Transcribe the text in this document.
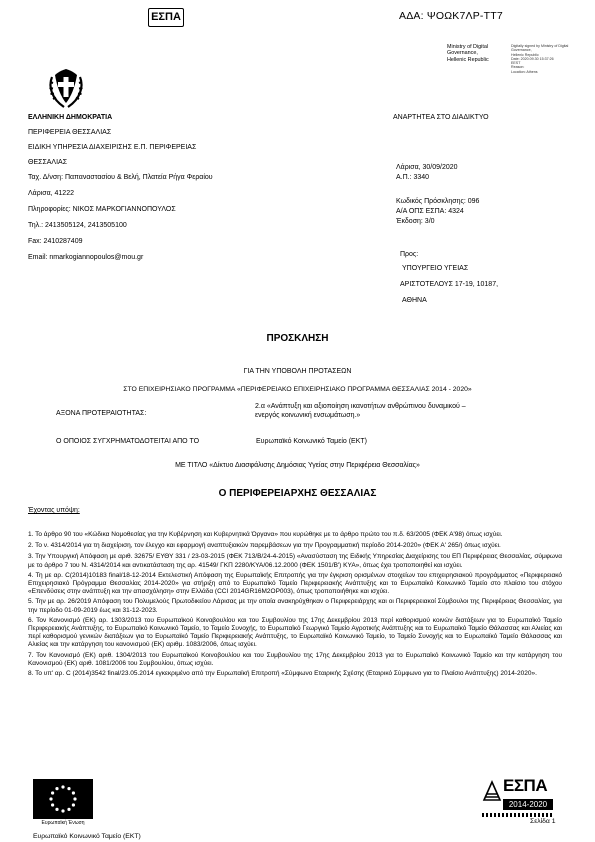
ΕΣΠΑ	ΑΔΑ: ΨΟΩΚ7ΛΡ-ΤΤ7
Ministry of Digital
Governance,
Hellenic Republic
Digitally signed by Ministry of Digital
Governance,
Hellenic Republic
Date: 2020.09.30 15:37:26
EEST
Reason:
Location: Athens
ΕΛΛΗΝΙΚΗ ΔΗΜΟΚΡΑΤΙΑ
ΠΕΡΙΦΕΡΕΙΑ ΘΕΣΣΑΛΙΑΣ
ΕΙΔΙΚΗ ΥΠΗΡΕΣΙΑ ΔΙΑΧΕΙΡΙΣΗΣ Ε.Π. ΠΕΡΙΦΕΡΕΙΑΣ
ΘΕΣΣΑΛΙΑΣ
Ταχ. Δ/νση: Παπαναστασίου & Βελή, Πλατεία Ρήγα Φεραίου
Λάρισα, 41222
Πληροφορίες: ΝΙΚΟΣ ΜΑΡΚΟΓΙΑΝΝΟΠΟΥΛΟΣ
Τηλ.: 2413505124, 2413505100
Fax: 2410287409
Email: nmarkogiannopoulos@mou.gr
ΑΝΑΡΤΗΤΕΑ ΣΤΟ ΔΙΑΔΙΚΤΥΟ
Λάρισα, 30/09/2020
Α.Π.: 3340
Κωδικός Πρόσκλησης: 096
Α/Α ΟΠΣ ΕΣΠΑ: 4324
Έκδοση: 3/0
Προς:
ΥΠΟΥΡΓΕΙΟ ΥΓΕΙΑΣ
ΑΡΙΣΤΟΤΕΛΟΥΣ 17-19, 10187,
ΑΘΗΝΑ
ΠΡΟΣΚΛΗΣΗ
ΓΙΑ ΤΗΝ ΥΠΟΒΟΛΗ ΠΡΟΤΑΣΕΩΝ
ΣΤΟ ΕΠΙΧΕΙΡΗΣΙΑΚΟ ΠΡΟΓΡΑΜΜΑ «ΠΕΡΙΦΕΡΕΙΑΚΟ ΕΠΙΧΕΙΡΗΣΙΑΚΟ ΠΡΟΓΡΑΜΜΑ ΘΕΣΣΑΛΙΑΣ 2014 - 2020»
ΑΞΟΝΑ ΠΡΟΤΕΡΑΙΟΤΗΤΑΣ:
2.α «Ανάπτυξη και αξιοποίηση ικανοτήτων ανθρώπινου δυναμικού – ενεργός κοινωνική ενσωμάτωση.»
Ο ΟΠΟΙΟΣ ΣΥΓΧΡΗΜΑΤΟΔΟΤΕΙΤΑΙ ΑΠΟ ΤΟ	Ευρωπαϊκό Κοινωνικό Ταμείο (ΕΚΤ)
ΜΕ ΤΙΤΛΟ «Δίκτυο Διασφάλισης Δημόσιας Υγείας στην Περιφέρεια Θεσσαλίας»
Ο ΠΕΡΙΦΕΡΕΙΑΡΧΗΣ ΘΕΣΣΑΛΙΑΣ
Έχοντας υπόψη:
1. Το άρθρο 90 του «Κώδικα Νομοθεσίας για την Κυβέρνηση και Κυβερνητικά Όργανα» που κυρώθηκε με το άρθρο πρώτο του π.δ. 63/2005 (ΦΕΚ Α'98) όπως ισχύει.
2. Το ν. 4314/2014 για τη διαχείριση, τον έλεγχο και εφαρμογή αναπτυξιακών παρεμβάσεων για την Προγραμματική περίοδο 2014-2020» (ΦΕΚ Α' 265/) όπως ισχύει.
3. Την Υπουργική Απόφαση με αριθ. 32675/ ΕΥΘΥ 331 / 23-03-2015 (ΦΕΚ 713/Β/24-4-2015) «Ανασύσταση της Ειδικής Υπηρεσίας Διαχείρισης του ΕΠ Περιφέρειας Θεσσαλίας, σύμφωνα με το άρθρο 7 του Ν. 4314/2014 και αντικατάσταση της αρ. 41549/ ΓΚΠ 2280/ΚΥΑ/06.12.2000 (ΦΕΚ 1501/Β') ΚΥΑ», όπως έχει τροποποιηθεί και ισχύει.
4. Τη με αρ. C(2014)10183 final/18-12-2014 Εκτελεστική Απόφαση της Ευρωπαϊκής Επιτροπής για την έγκριση ορισμένων στοιχείων του επιχειρησιακού προγράμματος «Περιφερειακό Επιχειρησιακό Πρόγραμμα Θεσσαλίας 2014-2020» για στήριξη από το Ευρωπαϊκό Ταμείο Περιφερειακής Ανάπτυξης και το Ευρωπαϊκό Κοινωνικό Ταμείο στο πλαίσιο του στόχου «Επενδύσεις στην ανάπτυξη και την απασχόληση» στην Ελλάδα (CCI 2014GR16M2OP003), όπως τροποποιήθηκε και ισχύει.
5. Την με αρ. 26/2019 Απόφαση του Πολυμελούς Πρωτοδικείου Λάρισας με την οποία ανακηρύχθηκαν ο Περιφερειάρχης και οι Περιφερειακοί Σύμβουλοι της Περιφέρειας Θεσσαλίας, για την περίοδο 01-09-2019 έως και 31-12-2023.
6. Τον Κανονισμό (ΕΚ) αρ. 1303/2013 του Ευρωπαϊκού Κοινοβουλίου και του Συμβουλίου της 17ης Δεκεμβρίου 2013 περί καθορισμού κοινών διατάξεων για το Ευρωπαϊκό Ταμείο Περιφερειακής Ανάπτυξης, το Ευρωπαϊκό Κοινωνικό Ταμείο, το Ταμείο Συνοχής, το Ευρωπαϊκό Γεωργικό Ταμείο Αγροτικής Ανάπτυξης και το Ευρωπαϊκό Ταμείο Θάλασσας και Αλιείας και περί καθορισμού γενικών διατάξεων για το Ευρωπαϊκό Ταμείο Περιφερειακής Ανάπτυξης, το Ευρωπαϊκό Κοινωνικό Ταμείο, το Ταμείο Συνοχής και το Ευρωπαϊκό Ταμείο Θάλασσας και Αλιείας και την κατάργηση του κανονισμού (ΕΚ) αριθμ. 1083/2006, όπως ισχύει.
7. Τον Κανονισμό (ΕΚ) αριθ. 1304/2013 του Ευρωπαϊκού Κοινοβουλίου και του Συμβουλίου της 17ης Δεκεμβρίου 2013 για το Ευρωπαϊκό Κοινωνικό Ταμείο και την κατάργηση του Κανονισμού (ΕΚ) αριθ. 1081/2006 του Συμβουλίου, όπως ισχύει.
8. Το υπ' αρ. C (2014)3542 final/23.05.2014 εγκεκριμένο από την Ευρωπαϊκή Επιτροπή «Σύμφωνο Εταιρικής Σχέσης (Εταιρικό Σύμφωνο για το Πλαίσιο Ανάπτυξης) 2014-2020».
Ευρωπαϊκή Ένωση
ΕΣΠΑ
2014-2020
Ευρωπαϊκό Κοινωνικό Ταμείο (ΕΚΤ)
Σελίδα 1
